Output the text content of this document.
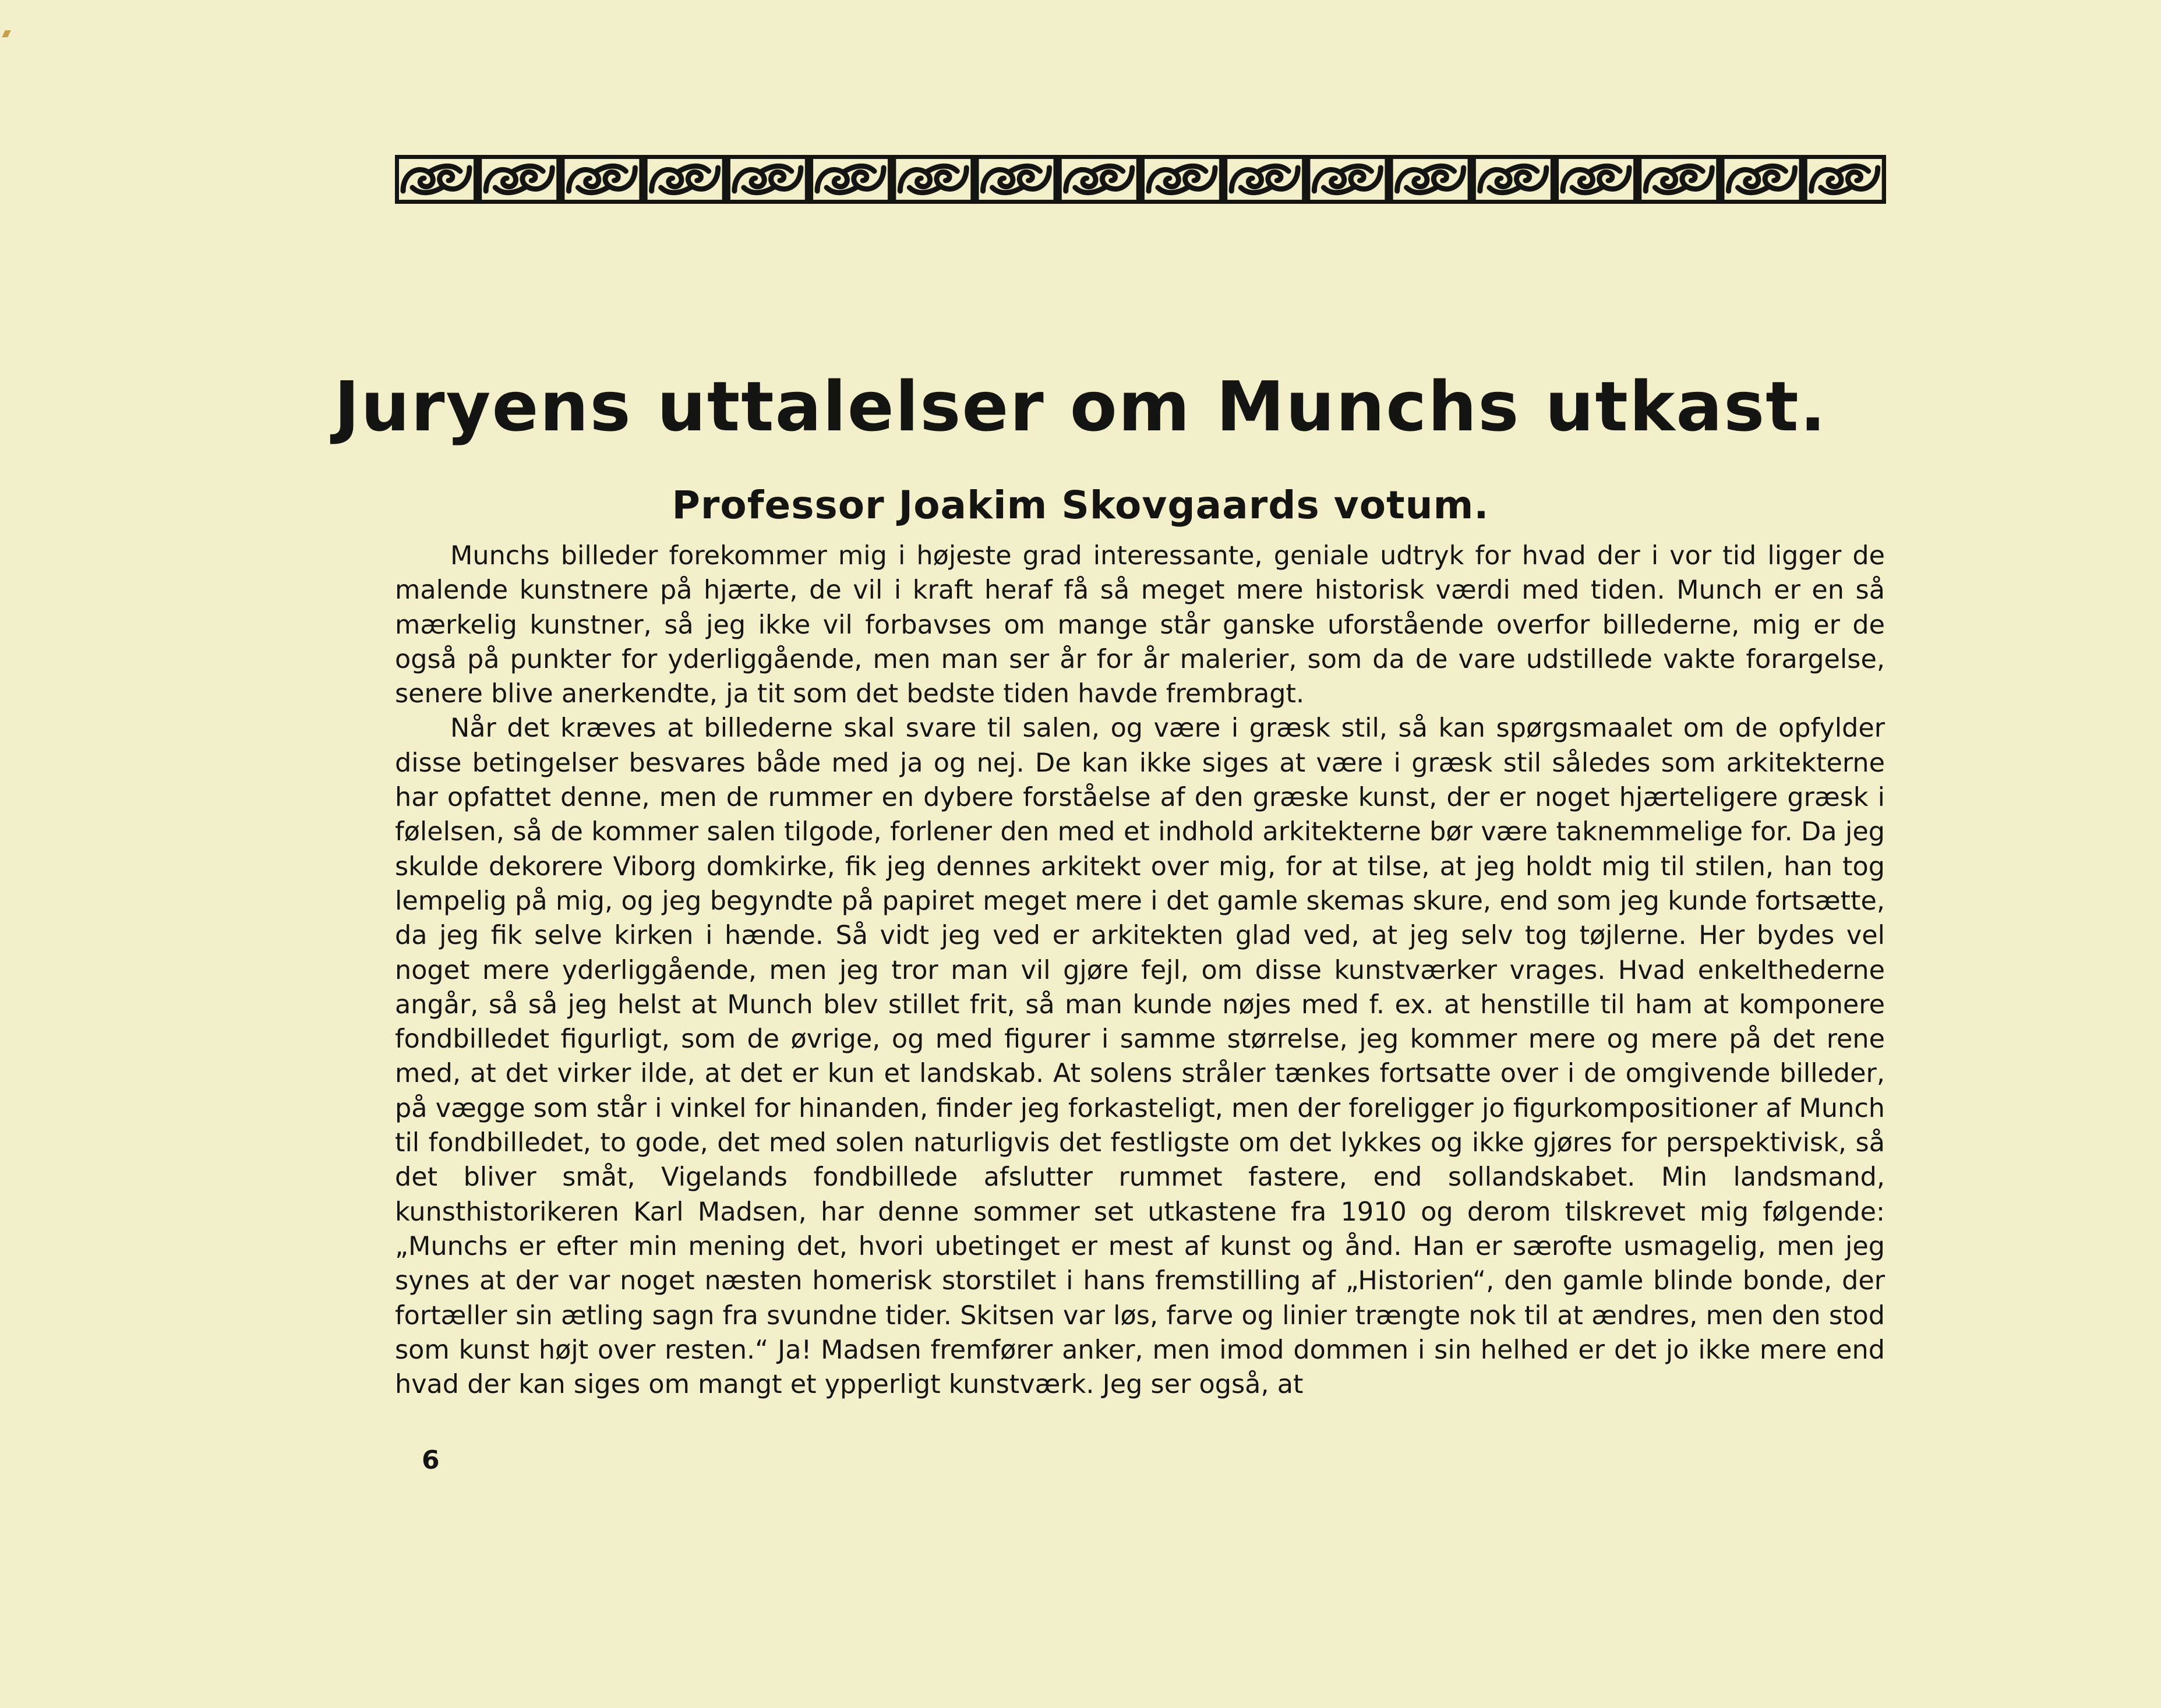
Juryens uttalelser om Munchs utkast.
Professor Joakim Skovgaards votum.

Munchs billeder forekommer mig i højeste grad interessante, geniale udtryk for hvad der i vor tid ligger de malende kunstnere på hjærte, de vil i kraft heraf få så meget mere historisk værdi med tiden. Munch er en så mærkelig kunstner, så jeg ikke vil forbavses om mange står ganske uforstående overfor billederne, mig er de også på punkter for yderliggående, men man ser år for år malerier, som da de vare udstillede vakte forargelse, senere blive anerkendte, ja tit som det bedste tiden havde frembragt.

Når det kræves at billederne skal svare til salen, og være i græsk stil, så kan spørgsmaalet om de opfylder disse betingelser besvares både med ja og nej. De kan ikke siges at være i græsk stil således som arkitekterne har opfattet denne, men de rummer en dybere forståelse af den græske kunst, der er noget hjærteligere græsk i følelsen, så de kommer salen tilgode, forlener den med et indhold arkitekterne bør være taknemmelige for. Da jeg skulde dekorere Viborg domkirke, fik jeg dennes arkitekt over mig, for at tilse, at jeg holdt mig til stilen, han tog lempelig på mig, og jeg begyndte på papiret meget mere i det gamle skemas skure, end som jeg kunde fortsætte, da jeg fik selve kirken i hænde. Så vidt jeg ved er arkitekten glad ved, at jeg selv tog tøjlerne. Her bydes vel noget mere yderliggående, men jeg tror man vil gjøre fejl, om disse kunstværker vrages. Hvad enkelthederne angår, så så jeg helst at Munch blev stillet frit, så man kunde nøjes med f. ex. at henstille til ham at komponere fondbilledet figurligt, som de øvrige, og med figurer i samme størrelse, jeg kommer mere og mere på det rene med, at det virker ilde, at det er kun et landskab. At solens stråler tænkes fortsatte over i de omgivende billeder, på vægge som står i vinkel for hinanden, finder jeg forkasteligt, men der foreligger jo figurkompositioner af Munch til fondbilledet, to gode, det med solen naturligvis det festligste om det lykkes og ikke gjøres for perspektivisk, så det bliver småt, Vigelands fondbillede afslutter rummet fastere, end sollandskabet. Min landsmand, kunsthistorikeren Karl Madsen, har denne sommer set utkastene fra 1910 og derom tilskrevet mig følgende: „Munchs er efter min mening det, hvori ubetinget er mest af kunst og ånd. Han er særofte usmagelig, men jeg synes at der var noget næsten homerisk storstilet i hans fremstilling af „Historien“, den gamle blinde bonde, der fortæller sin ætling sagn fra svundne tider. Skitsen var løs, farve og linier trængte nok til at ændres, men den stod som kunst højt over resten.“ Ja! Madsen fremfører anker, men imod dommen i sin helhed er det jo ikke mere end hvad der kan siges om mangt et ypperligt kunstværk. Jeg ser også, at

6
